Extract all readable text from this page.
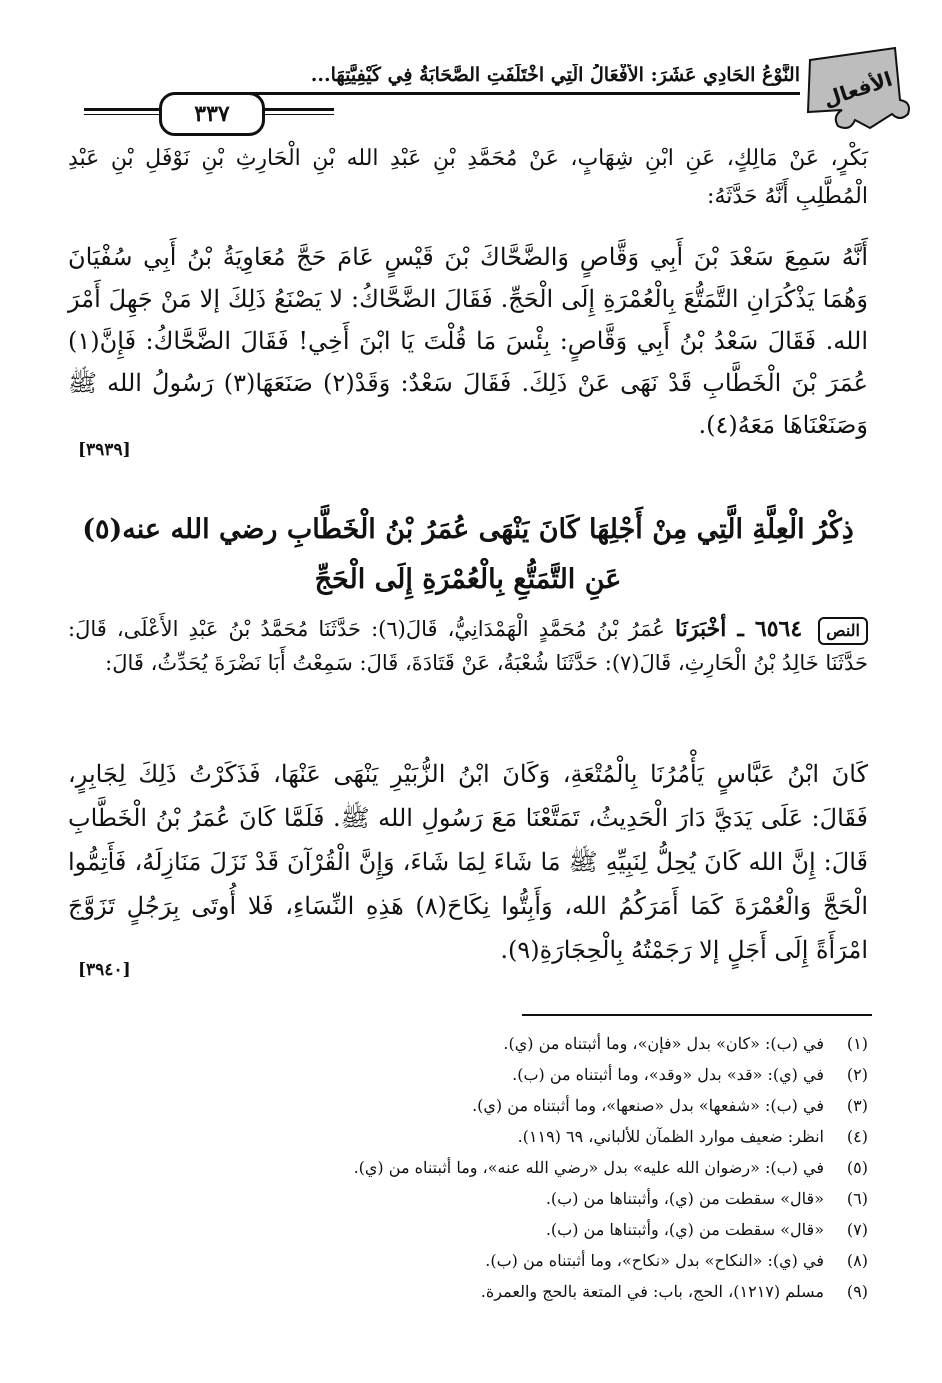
الأفعال
النَّوْعُ الحَادِي عَشَرَ: الأفْعَالُ الَّتِي اخْتَلَفَتِ الصَّحَابَةُ فِي كَيْفِيَّتِهَا...
٣٣٧

بَكْرٍ، عَنْ مَالِكٍ، عَنِ ابْنِ شِهَابٍ، عَنْ مُحَمَّدِ بْنِ عَبْدِ الله بْنِ الْحَارِثِ بْنِ نَوْفَلِ بْنِ عَبْدِ الْمُطَّلِبِ أَنَّهُ حَدَّثَهُ:

أَنَّهُ سَمِعَ سَعْدَ بْنَ أَبِي وَقَّاصٍ وَالضَّحَّاكَ بْنَ قَيْسٍ عَامَ حَجَّ مُعَاوِيَةُ بْنُ أَبِي سُفْيَانَ وَهُمَا يَذْكُرَانِ التَّمَتُّعَ بِالْعُمْرَةِ إِلَى الْحَجِّ. فَقَالَ الضَّحَّاكُ: لا يَصْنَعُ ذَلِكَ إلا مَنْ جَهِلَ أَمْرَ الله. فَقَالَ سَعْدُ بْنُ أَبِي وَقَّاصٍ: بِئْسَ مَا قُلْتَ يَا ابْنَ أَخِي! فَقَالَ الضَّحَّاكُ: فَإِنَّ(١) عُمَرَ بْنَ الْخَطَّابِ قَدْ نَهَى عَنْ ذَلِكَ. فَقَالَ سَعْدٌ: وَقَدْ(٢) صَنَعَهَا(٣) رَسُولُ الله ﷺ وَصَنَعْنَاهَا مَعَهُ(٤).

[٣٩٣٩]
ذِكْرُ الْعِلَّةِ الَّتِي مِنْ أَجْلِهَا كَانَ يَنْهَى عُمَرُ بْنُ الْخَطَّابِ رضي الله عنه(٥)
عَنِ التَّمَتُّعِ بِالْعُمْرَةِ إِلَى الْحَجِّ

النص ٦٥٦٤ ـ أخْبَرَنَا عُمَرُ بْنُ مُحَمَّدٍ الْهَمْدَانِيُّ، قَالَ(٦): حَدَّثَنَا مُحَمَّدُ بْنُ عَبْدِ الأَعْلَى، قَالَ: حَدَّثَنَا خَالِدُ بْنُ الْحَارِثِ، قَالَ(٧): حَدَّثَنَا شُعْبَةُ، عَنْ قَتَادَةَ، قَالَ: سَمِعْتُ أَبَا نَضْرَةَ يُحَدِّثُ، قَالَ:

كَانَ ابْنُ عَبَّاسٍ يَأْمُرُنَا بِالْمُتْعَةِ، وَكَانَ ابْنُ الزُّبَيْرِ يَنْهَى عَنْهَا، فَذَكَرْتُ ذَلِكَ لِجَابِرٍ، فَقَالَ: عَلَى يَدَيَّ دَارَ الْحَدِيثُ، تَمَتَّعْنَا مَعَ رَسُولِ الله ﷺ. فَلَمَّا كَانَ عُمَرُ بْنُ الْخَطَّابِ قَالَ: إِنَّ الله كَانَ يُحِلُّ لِنَبِيِّهِ ﷺ مَا شَاءَ لِمَا شَاءَ، وَإِنَّ الْقُرْآنَ قَدْ نَزَلَ مَنَازِلَهُ، فَأَتِمُّوا الْحَجَّ وَالْعُمْرَةَ كَمَا أَمَرَكُمُ الله، وَأَبِتُّوا نِكَاحَ(٨) هَذِهِ النِّسَاءِ، فَلا أُوتَى بِرَجُلٍ تَزَوَّجَ امْرَأَةً إِلَى أَجَلٍ إلا رَجَمْتُهُ بِالْحِجَارَةِ(٩).

[٣٩٤٠]
(١)في (ب): «كان» بدل «فإن»، وما أثبتناه من (ي).
(٢)في (ي): «قد» بدل «وقد»، وما أثبتناه من (ب).
(٣)في (ب): «شفعها» بدل «صنعها»، وما أثبتناه من (ي).
(٤)انظر: ضعيف موارد الظمآن للألباني، ٦٩ (١١٩).
(٥)في (ب): «رضوان الله عليه» بدل «رضي الله عنه»، وما أثبتناه من (ي).
(٦)«قال» سقطت من (ي)، وأثبتناها من (ب).
(٧)«قال» سقطت من (ي)، وأثبتناها من (ب).
(٨)في (ي): «النكاح» بدل «نكاح»، وما أثبتناه من (ب).
(٩)مسلم (١٢١٧)، الحج، باب: في المتعة بالحج والعمرة.
